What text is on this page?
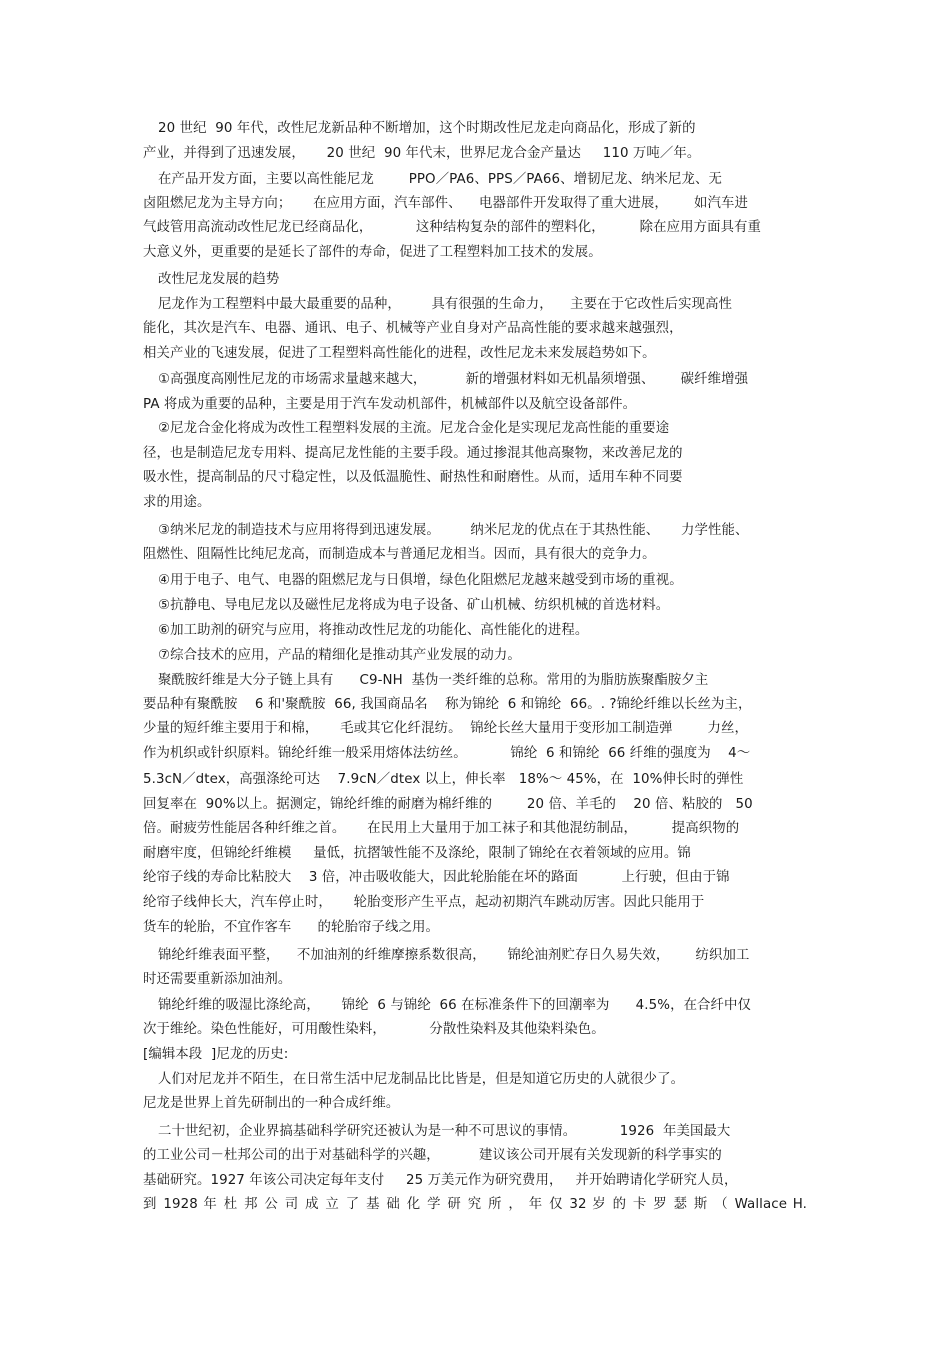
20 世纪  90 年代，改性尼龙新品种不断增加，这个时期改性尼龙走向商品化，形成了新的
产业，并得到了迅速发展，     20 世纪  90 年代末，世界尼龙合金产量达     110 万吨／年。
在产品开发方面，主要以高性能尼龙        PPO／PA6、PPS／PA66、增韧尼龙、纳米尼龙、无
卤阻燃尼龙为主导方向；     在应用方面，汽车部件、    电器部件开发取得了重大进展，      如汽车进
气歧管用高流动改性尼龙已经商品化，          这种结构复杂的部件的塑料化，        除在应用方面具有重
大意义外，更重要的是延长了部件的寿命，促进了工程塑料加工技术的发展。
改性尼龙发展的趋势
尼龙作为工程塑料中最大最重要的品种，       具有很强的生命力，    主要在于它改性后实现高性
能化，其次是汽车、电器、通讯、电子、机械等产业自身对产品高性能的要求越来越强烈，
相关产业的飞速发展，促进了工程塑料高性能化的进程，改性尼龙未来发展趋势如下。
①高强度高刚性尼龙的市场需求量越来越大，         新的增强材料如无机晶须增强、      碳纤维增强
PA 将成为重要的品种，主要是用于汽车发动机部件，机械部件以及航空设备部件。
②尼龙合金化将成为改性工程塑料发展的主流。尼龙合金化是实现尼龙高性能的重要途
径，也是制造尼龙专用料、提高尼龙性能的主要手段。通过掺混其他高聚物，来改善尼龙的
吸水性，提高制品的尺寸稳定性，以及低温脆性、耐热性和耐磨性。从而，适用车种不同要
求的用途。
③纳米尼龙的制造技术与应用将得到迅速发展。       纳米尼龙的优点在于其热性能、     力学性能、
阻燃性、阻隔性比纯尼龙高，而制造成本与普通尼龙相当。因而，具有很大的竞争力。
④用于电子、电气、电器的阻燃尼龙与日俱增，绿色化阻燃尼龙越来越受到市场的重视。
⑤抗静电、导电尼龙以及磁性尼龙将成为电子设备、矿山机械、纺织机械的首选材料。
⑥加工助剂的研究与应用，将推动改性尼龙的功能化、高性能化的进程。
⑦综合技术的应用，产品的精细化是推动其产业发展的动力。
聚酰胺纤维是大分子链上具有      C9-NH  基伪一类纤维的总称。常用的为脂肪族聚酯胺夕主
要品种有聚酰胺    6 和'聚酰胺  66, 我国商品名    称为锦纶  6 和锦纶  66。. ?锦纶纤维以长丝为主，
少量的短纤维主要用于和棉，     毛或其它化纤混纺。  锦纶长丝大量用于变形加工制造弹        力丝，
作为机织或针织原料。锦纶纤维一般采用熔体法纺丝。          锦纶  6 和锦纶  66 纤维的强度为    4～
5.3cN／dtex，高强涤纶可达    7.9cN／dtex 以上，伸长率   18%～ 45%，在  10%伸长时的弹性
回复率在  90%以上。据测定，锦纶纤维的耐磨为棉纤维的        20 倍、羊毛的    20 倍、粘胶的   50
倍。耐疲劳性能居各种纤维之首。     在民用上大量用于加工袜子和其他混纺制品，        提高织物的
耐磨牢度，但锦纶纤维模     量低，抗摺皱性能不及涤纶，限制了锦纶在衣着领域的应用。锦
纶帘子线的寿命比粘胶大    3 倍，冲击吸收能大，因此轮胎能在坏的路面          上行驶，但由于锦
纶帘子线伸长大，汽车停止时，     轮胎变形产生平点，起动初期汽车跳动厉害。因此只能用于
货车的轮胎，不宜作客车      的轮胎帘子线之用。
锦纶纤维表面平整，    不加油剂的纤维摩擦系数很高，     锦纶油剂贮存日久易失效，      纺织加工
时还需要重新添加油剂。
锦纶纤维的吸湿比涤纶高，     锦纶  6 与锦纶  66 在标准条件下的回潮率为      4.5%，在合纤中仅
次于维纶。染色性能好，可用酸性染料，          分散性染料及其他染料染色。
[编辑本段  ]尼龙的历史:
人们对尼龙并不陌生，在日常生活中尼龙制品比比皆是，但是知道它历史的人就很少了。
尼龙是世界上首先研制出的一种合成纤维。
二十世纪初，企业界搞基础科学研究还被认为是一种不可思议的事情。          1926  年美国最大
的工业公司－杜邦公司的出于对基础科学的兴趣，         建议该公司开展有关发现新的科学事实的
基础研究。1927 年该公司决定每年支付     25 万美元作为研究费用，   并开始聘请化学研究人员，
到 1928 年 杜 邦 公 司 成 立 了 基 础 化 学 研 究 所 ， 年 仅 32 岁 的 卡 罗 瑟 斯 （ Wallace H.
